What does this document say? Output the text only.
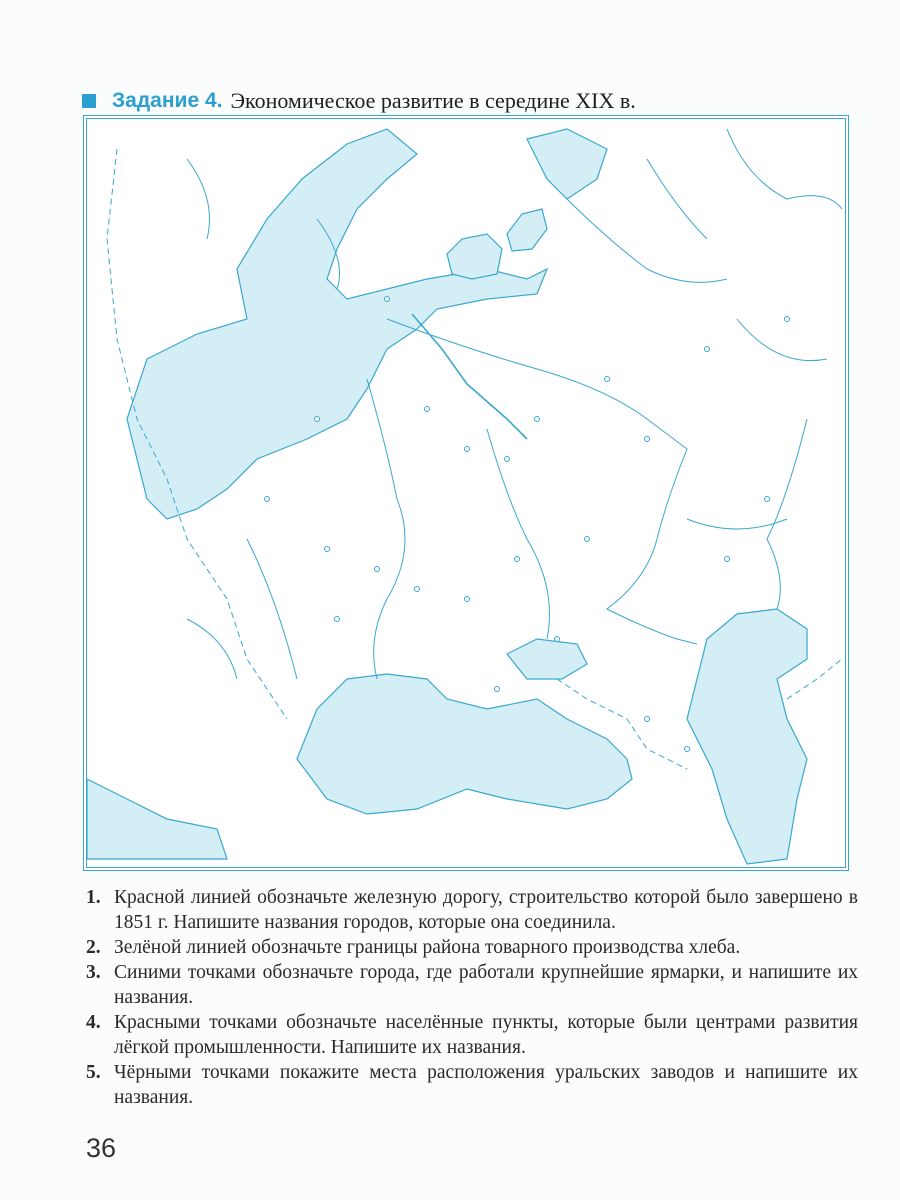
Задание 4. Экономическое развитие в середине XIX в.
1. Красной линией обозначьте железную дорогу, строительство которой было завершено в 1851 г. Напишите названия городов, которые она соединила.
2. Зелёной линией обозначьте границы района товарного производства хлеба.
3. Синими точками обозначьте города, где работали крупнейшие ярмарки, и напишите их названия.
4. Красными точками обозначьте населённые пункты, которые были центрами развития лёгкой промышленности. Напишите их названия.
5. Чёрными точками покажите места расположения уральских заводов и напишите их названия.
36
